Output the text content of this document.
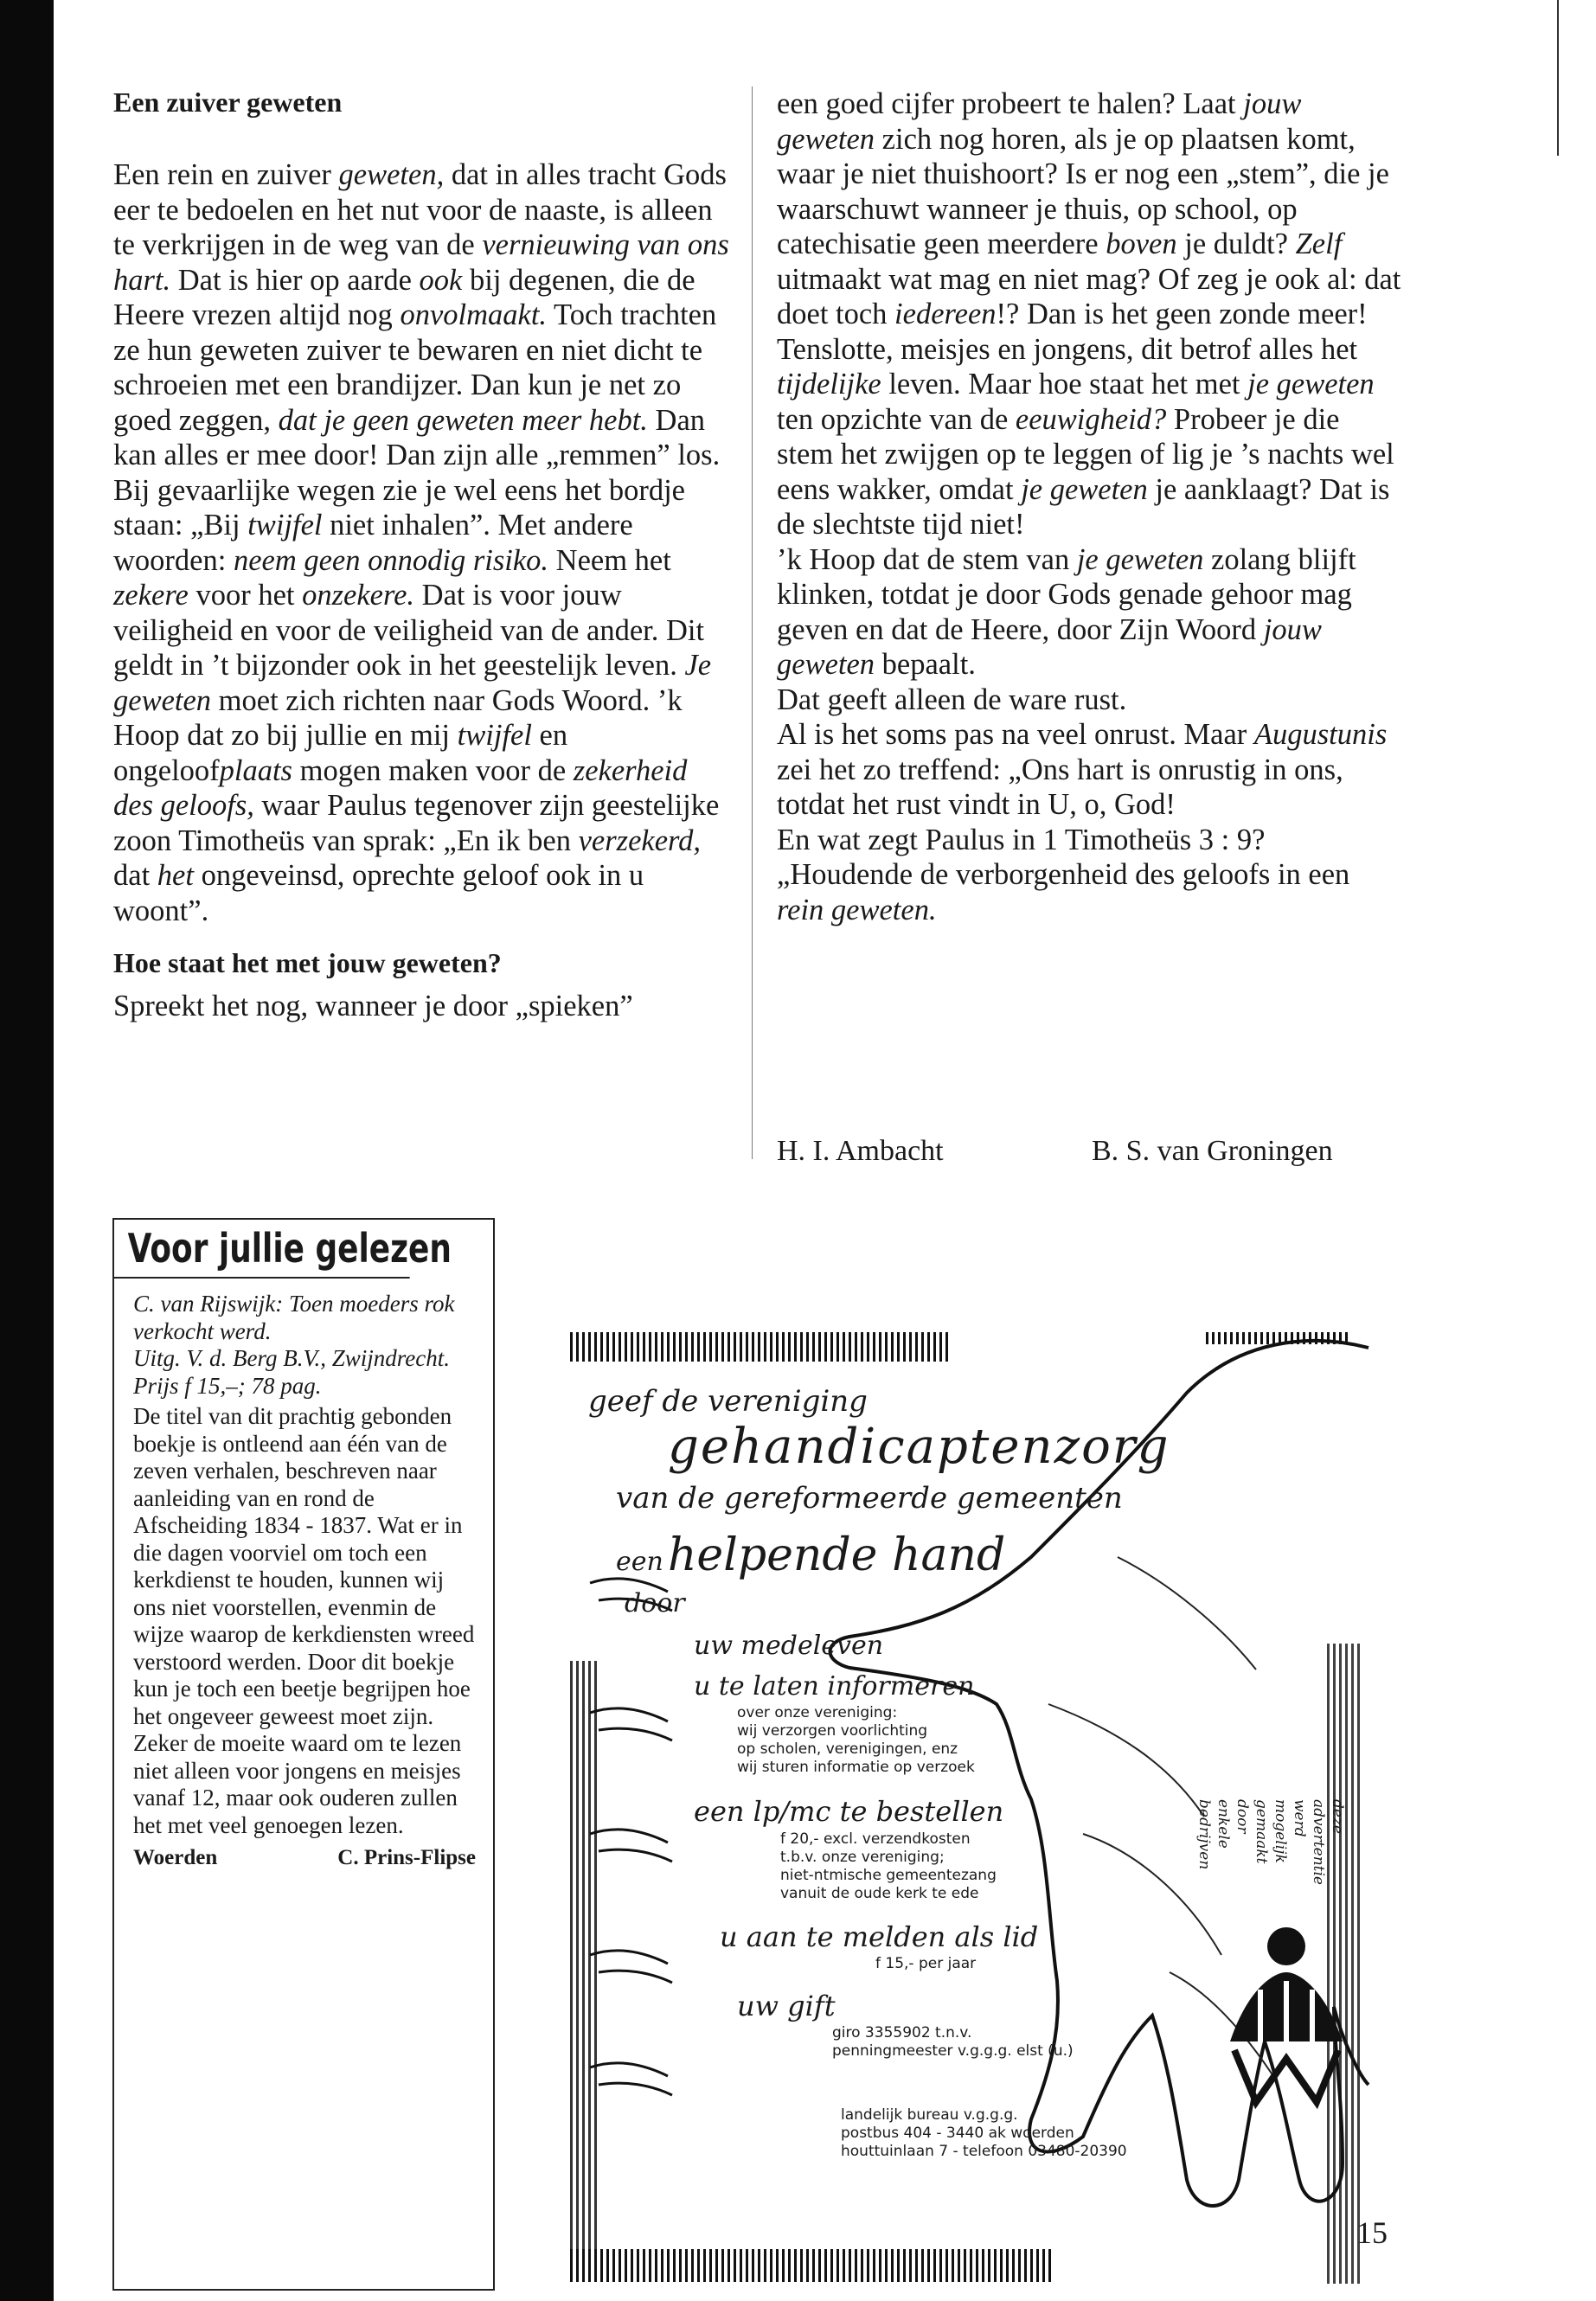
Een zuiver geweten

Een rein en zuiver geweten, dat in alles tracht Gods eer te bedoelen en het nut voor de naaste, is alleen te verkrijgen in de weg van de vernieuwing van ons hart. Dat is hier op aarde ook bij degenen, die de Heere vrezen altijd nog onvolmaakt. Toch trachten ze hun geweten zuiver te bewaren en niet dicht te schroeien met een brandijzer. Dan kun je net zo goed zeggen, dat je geen geweten meer hebt. Dan kan alles er mee door! Dan zijn alle „remmen” los. Bij gevaarlijke wegen zie je wel eens het bordje staan: „Bij twijfel niet inhalen”. Met andere woorden: neem geen onnodig risiko. Neem het zekere voor het onzekere. Dat is voor jouw veiligheid en voor de veiligheid van de ander. Dit geldt in ’t bijzonder ook in het geestelijk leven. Je geweten moet zich richten naar Gods Woord. ’k Hoop dat zo bij jullie en mij twijfel en ongeloofplaats mogen maken voor de zekerheid des geloofs, waar Paulus tegenover zijn geestelijke zoon Timotheüs van sprak: „En ik ben verzekerd, dat het ongeveinsd, oprechte geloof ook in u woont”.

Hoe staat het met jouw geweten?

Spreekt het nog, wanneer je door „spieken”

een goed cijfer probeert te halen? Laat jouw geweten zich nog horen, als je op plaatsen komt, waar je niet thuishoort? Is er nog een „stem”, die je waarschuwt wanneer je thuis, op school, op catechisatie geen meerdere boven je duldt? Zelf uitmaakt wat mag en niet mag? Of zeg je ook al: dat doet toch iedereen!? Dan is het geen zonde meer!

Tenslotte, meisjes en jongens, dit betrof alles het tijdelijke leven. Maar hoe staat het met je geweten ten opzichte van de eeuwigheid? Probeer je die stem het zwijgen op te leggen of lig je ’s nachts wel eens wakker, omdat je geweten je aanklaagt? Dat is de slechtste tijd niet!

’k Hoop dat de stem van je geweten zolang blijft klinken, totdat je door Gods genade gehoor mag geven en dat de Heere, door Zijn Woord jouw geweten bepaalt.

Dat geeft alleen de ware rust.

Al is het soms pas na veel onrust. Maar Augustunis zei het zo treffend: „Ons hart is onrustig in ons, totdat het rust vindt in U, o, God!

En wat zegt Paulus in 1 Timotheüs 3 : 9?

„Houdende de verborgenheid des geloofs in een rein geweten.

H. I. Ambacht	B. S. van Groningen
Voor jullie gelezen

C. van Rijswijk: Toen moeders rok verkocht werd.

Uitg. V. d. Berg B.V., Zwijndrecht.

Prijs f 15,–; 78 pag.

De titel van dit prachtig gebonden boekje is ontleend aan één van de zeven verhalen, beschreven naar aanleiding van en rond de Afscheiding 1834 - 1837. Wat er in die dagen voorviel om toch een kerkdienst te houden, kunnen wij ons niet voorstellen, evenmin de wijze waarop de kerkdiensten wreed verstoord werden. Door dit boekje kun je toch een beetje begrijpen hoe het ongeveer geweest moet zijn. Zeker de moeite waard om te lezen niet alleen voor jongens en meisjes vanaf 12, maar ook ouderen zullen het met veel genoegen lezen.

Woerden	C. Prins-Flipse
geef de vereniging
gehandicaptenzorg
van de gereformeerde gemeenten
een helpende hand
door
uw medeleven
u te laten informeren
over onze vereniging:
wij verzorgen voorlichting
op scholen, verenigingen, enz
wij sturen informatie op verzoek
een lp/mc te bestellen
f 20,- excl. verzendkosten
t.b.v. onze vereniging;
niet-ntmische gemeentezang
vanuit de oude kerk te ede
u aan te melden als lid
f 15,- per jaar
uw gift
giro 3355902 t.n.v.
penningmeester v.g.g.g. elst (u.)
landelijk bureau v.g.g.g.
postbus 404 - 3440 ak woerden
houttuinlaan 7 - telefoon 03480-20390
deze advertentie werd mogelijk gemaakt door enkele bedrijven
15
